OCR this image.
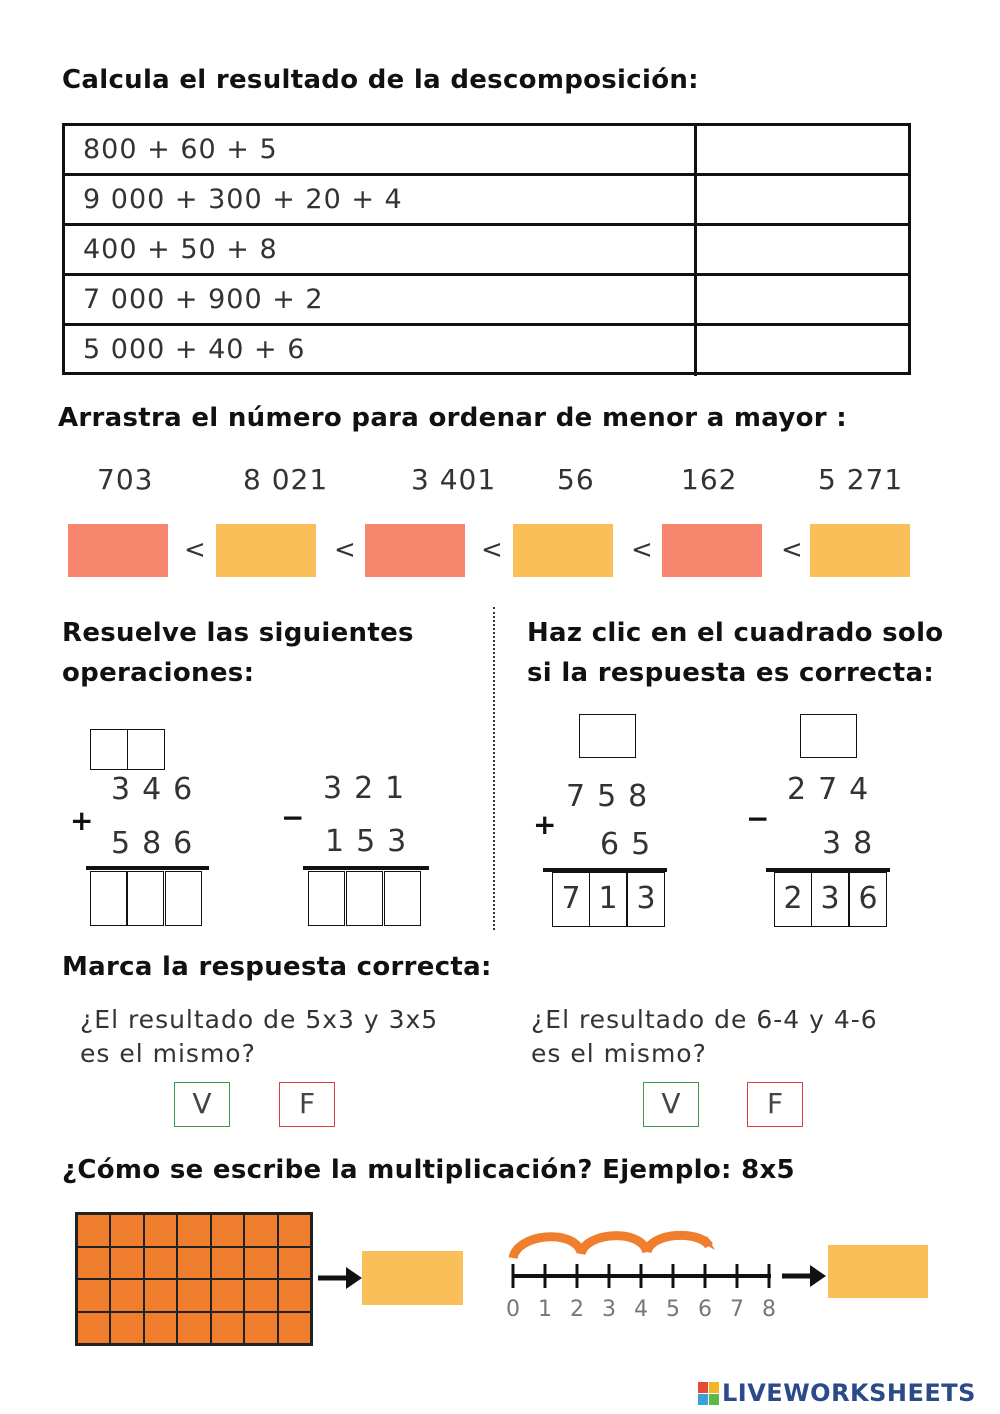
Calcula el resultado de la descomposición:
800 + 60 + 5
9 000 + 300 + 20 + 4
400 + 50 + 8
7 000 + 900 + 2
5 000 + 40 + 6
Arrastra el número para ordenar de menor a mayor :
703	8 021	3 401 56	162	5 271
<	<	<	<	<
Resuelve las siguientes
operaciones:
346
+
586
321
−
153
Haz clic en el cuadrado solo
si la respuesta es correcta:
758
+
65
7 1 3
274
−
38
2 3 6
Marca la respuesta correcta:
¿El resultado de 5x3 y 3x5
es el mismo?
V	F
¿El resultado de 6-4 y 4-6
es el mismo?
V	F
¿Cómo se escribe la multiplicación? Ejemplo: 8x5
0 1 2 3 4 5 6 7 8
LIVEWORKSHEETS
